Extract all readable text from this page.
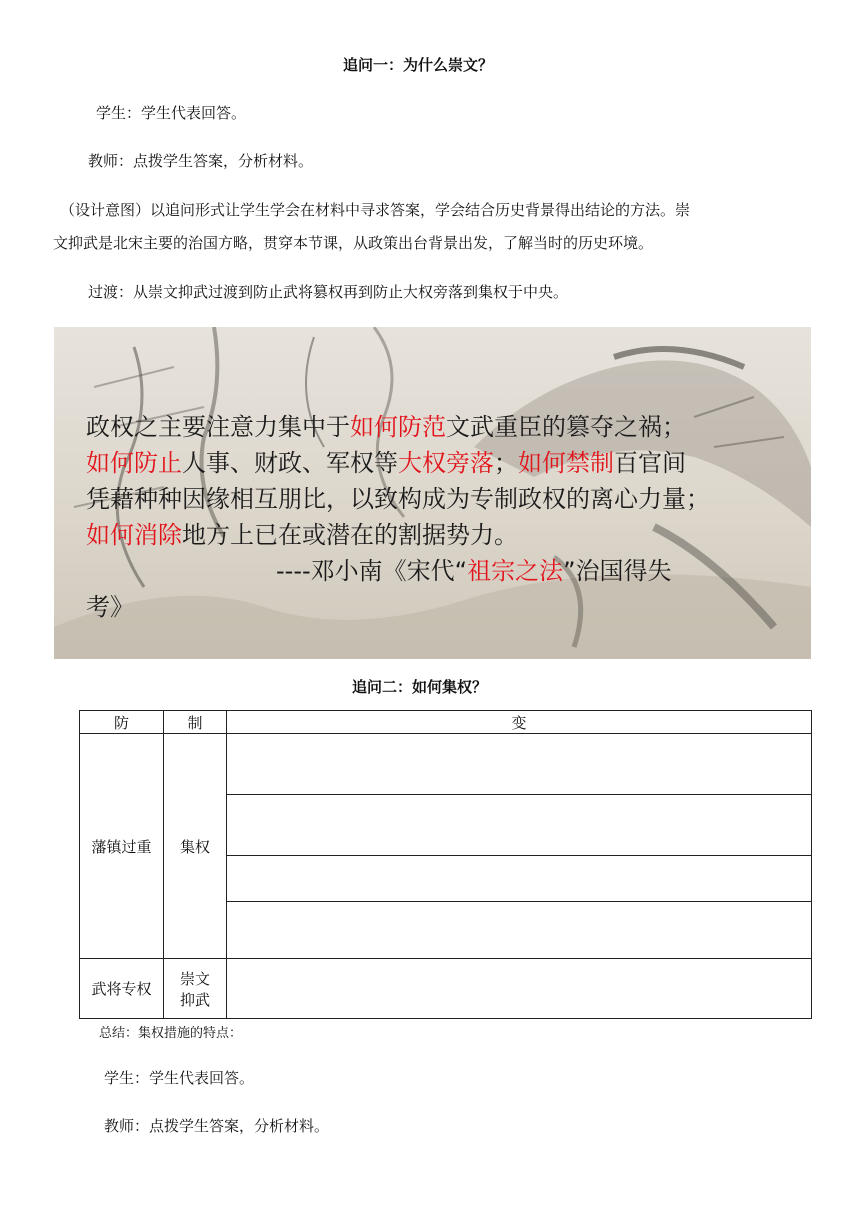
追问一：为什么崇文？
学生：学生代表回答。
教师：点拨学生答案，分析材料。
（设计意图）以追问形式让学生学会在材料中寻求答案，学会结合历史背景得出结论的方法。崇
文抑武是北宋主要的治国方略，贯穿本节课，从政策出台背景出发，了解当时的历史环境。
过渡：从崇文抑武过渡到防止武将篡权再到防止大权旁落到集权于中央。
政权之主要注意力集中于如何防范文武重臣的篡夺之祸；
如何防止人事、财政、军权等大权旁落；如何禁制百官间
凭藉种种因缘相互朋比，以致构成为专制政权的离心力量；
如何消除地方上已在或潜在的割据势力。
----邓小南《宋代“祖宗之法”治国得失
考》
追问二：如何集权？
防	制	变
藩镇过重	集权	

武将专权	崇文
抑武	

总结：集权措施的特点：
学生：学生代表回答。
教师：点拨学生答案，分析材料。
